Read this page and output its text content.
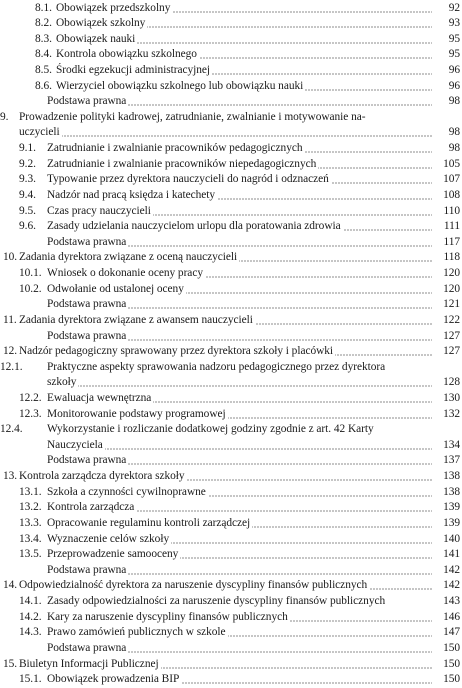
8.1. Obowiązek przedszkolny	92
8.2. Obowiązek szkolny	93
8.3. Obowiązek nauki	95
8.4. Kontrola obowiązku szkolnego	95
8.5. Środki egzekucji administracyjnej	96
8.6. Wierzyciel obowiązku szkolnego lub obowiązku nauki	96
Podstawa prawna	98
9. Prowadzenie polityki kadrowej, zatrudnianie, zwalnianie i motywowanie na-
uczycieli	98
9.1. Zatrudnianie i zwalnianie pracowników pedagogicznych	98
9.2. Zatrudnianie i zwalnianie pracowników niepedagogicznych	105
9.3. Typowanie przez dyrektora nauczycieli do nagród i odznaczeń	107
9.4. Nadzór nad pracą księdza i katechety	108
9.5. Czas pracy nauczycieli	110
9.6. Zasady udzielania nauczycielom urlopu dla poratowania zdrowia	111
Podstawa prawna	117
10. Zadania dyrektora związane z oceną nauczycieli	118
10.1. Wniosek o dokonanie oceny pracy	120
10.2. Odwołanie od ustalonej oceny	120
Podstawa prawna	121
11. Zadania dyrektora związane z awansem nauczycieli	122
Podstawa prawna	127
12. Nadzór pedagogiczny sprawowany przez dyrektora szkoły i placówki	127
12.1. Praktyczne aspekty sprawowania nadzoru pedagogicznego przez dyrektora
szkoły	128
12.2. Ewaluacja wewnętrzna	130
12.3. Monitorowanie podstawy programowej	132
12.4. Wykorzystanie i rozliczanie dodatkowej godziny zgodnie z art. 42 Karty
Nauczyciela	134
Podstawa prawna	137
13. Kontrola zarządcza dyrektora szkoły	138
13.1. Szkoła a czynności cywilnoprawne	138
13.2. Kontrola zarządcza	139
13.3. Opracowanie regulaminu kontroli zarządczej	139
13.4. Wyznaczenie celów szkoły	140
13.5. Przeprowadzenie samooceny	141
Podstawa prawna	142
14. Odpowiedzialność dyrektora za naruszenie dyscypliny finansów publicznych	142
14.1. Zasady odpowiedzialności za naruszenie dyscypliny finansów publicznych	143
14.2. Kary za naruszenie dyscypliny finansów publicznych	146
14.3. Prawo zamówień publicznych w szkole	147
Podstawa prawna	150
15. Biuletyn Informacji Publicznej	150
15.1. Obowiązek prowadzenia BIP	150
